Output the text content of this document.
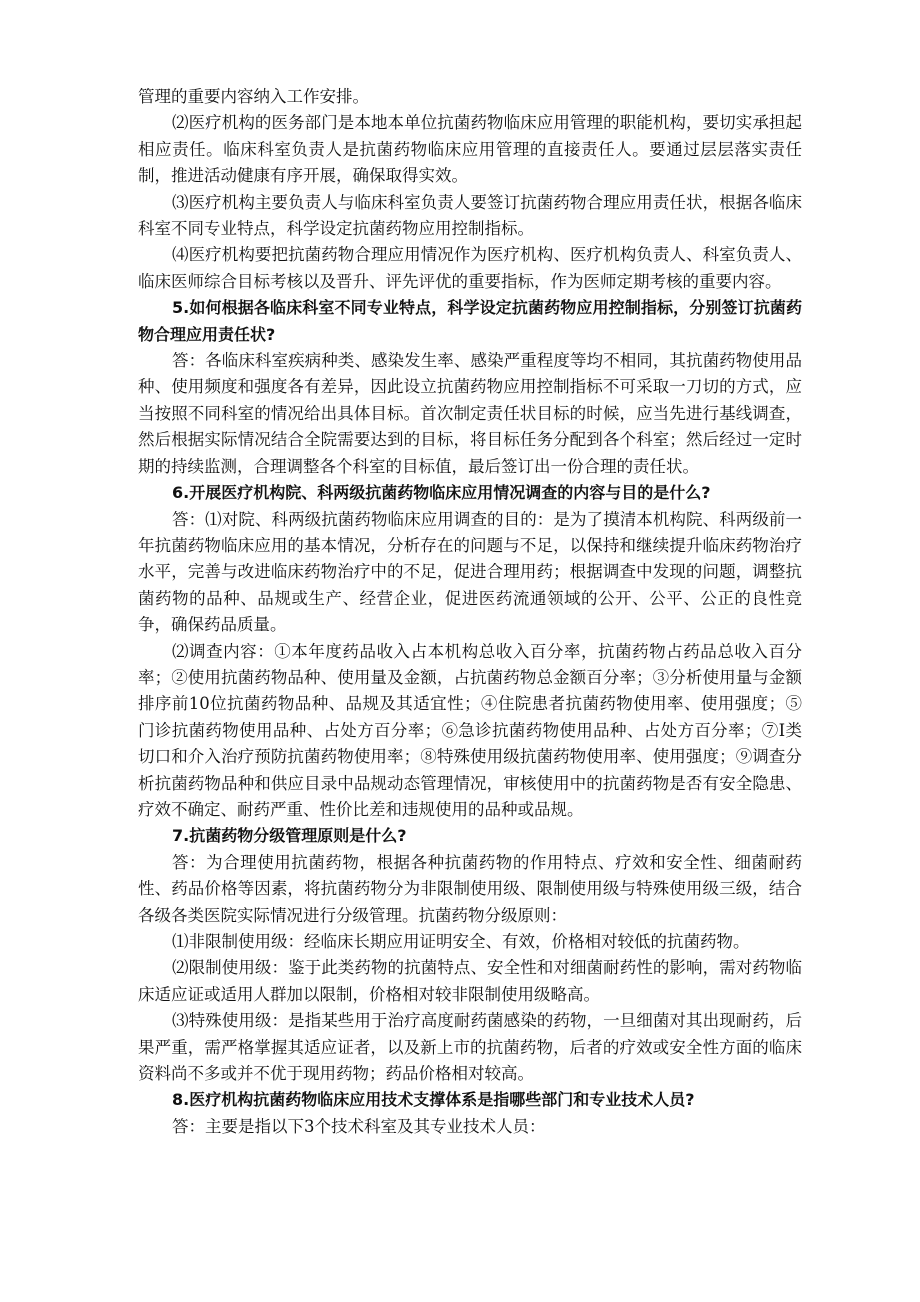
管理的重要内容纳入工作安排。

⑵医疗机构的医务部门是本地本单位抗菌药物临床应用管理的职能机构，要切实承担起相应责任。临床科室负责人是抗菌药物临床应用管理的直接责任人。要通过层层落实责任制，推进活动健康有序开展，确保取得实效。

⑶医疗机构主要负责人与临床科室负责人要签订抗菌药物合理应用责任状，根据各临床科室不同专业特点，科学设定抗菌药物应用控制指标。

⑷医疗机构要把抗菌药物合理应用情况作为医疗机构、医疗机构负责人、科室负责人、临床医师综合目标考核以及晋升、评先评优的重要指标，作为医师定期考核的重要内容。

5.如何根据各临床科室不同专业特点，科学设定抗菌药物应用控制指标，分别签订抗菌药物合理应用责任状?

答：各临床科室疾病种类、感染发生率、感染严重程度等均不相同，其抗菌药物使用品种、使用频度和强度各有差异，因此设立抗菌药物应用控制指标不可采取一刀切的方式，应当按照不同科室的情况给出具体目标。首次制定责任状目标的时候，应当先进行基线调查，然后根据实际情况结合全院需要达到的目标，将目标任务分配到各个科室；然后经过一定时期的持续监测，合理调整各个科室的目标值，最后签订出一份合理的责任状。

6.开展医疗机构院、科两级抗菌药物临床应用情况调查的内容与目的是什么?

答：⑴对院、科两级抗菌药物临床应用调查的目的：是为了摸清本机构院、科两级前一年抗菌药物临床应用的基本情况，分析存在的问题与不足，以保持和继续提升临床药物治疗水平，完善与改进临床药物治疗中的不足，促进合理用药；根据调查中发现的问题，调整抗菌药物的品种、品规或生产、经营企业，促进医药流通领域的公开、公平、公正的良性竞争，确保药品质量。

⑵调查内容：①本年度药品收入占本机构总收入百分率，抗菌药物占药品总收入百分率；②使用抗菌药物品种、使用量及金额，占抗菌药物总金额百分率；③分析使用量与金额排序前10位抗菌药物品种、品规及其适宜性；④住院患者抗菌药物使用率、使用强度；⑤门诊抗菌药物使用品种、占处方百分率；⑥急诊抗菌药物使用品种、占处方百分率；⑦I类切口和介入治疗预防抗菌药物使用率；⑧特殊使用级抗菌药物使用率、使用强度；⑨调查分析抗菌药物品种和供应目录中品规动态管理情况，审核使用中的抗菌药物是否有安全隐患、疗效不确定、耐药严重、性价比差和违规使用的品种或品规。

7.抗菌药物分级管理原则是什么?

答：为合理使用抗菌药物，根据各种抗菌药物的作用特点、疗效和安全性、细菌耐药性、药品价格等因素，将抗菌药物分为非限制使用级、限制使用级与特殊使用级三级，结合各级各类医院实际情况进行分级管理。抗菌药物分级原则：

⑴非限制使用级：经临床长期应用证明安全、有效，价格相对较低的抗菌药物。

⑵限制使用级：鉴于此类药物的抗菌特点、安全性和对细菌耐药性的影响，需对药物临床适应证或适用人群加以限制，价格相对较非限制使用级略高。

⑶特殊使用级：是指某些用于治疗高度耐药菌感染的药物，一旦细菌对其出现耐药，后果严重，需严格掌握其适应证者，以及新上市的抗菌药物，后者的疗效或安全性方面的临床资料尚不多或并不优于现用药物；药品价格相对较高。

8.医疗机构抗菌药物临床应用技术支撑体系是指哪些部门和专业技术人员?

答：主要是指以下3个技术科室及其专业技术人员：
